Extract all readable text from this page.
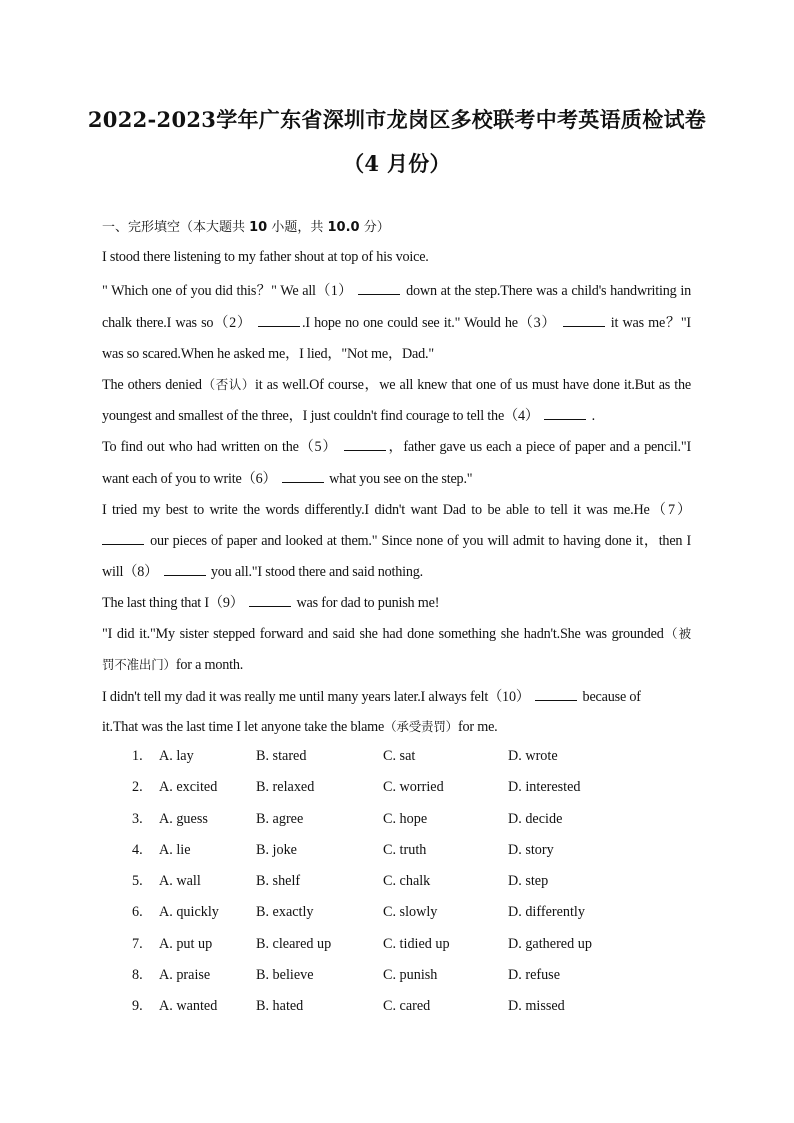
2022-2023学年广东省深圳市龙岗区多校联考中考英语质检试卷
（4 月份）
一、完形填空（本大题共 10 小题，共 10.0 分）
I stood there listening to my father shout at top of his voice.
" Which one of you did this？" We all（1）	down at the step.There was a child's handwriting in
chalk there.I was so（2）	.I hope no one could see it." Would he（3）	it was me？"I
was so scared.When he asked me，I lied，"Not me，Dad."
The others denied（否认）it as well.Of course，we all knew that one of us must have done it.But as the
youngest and smallest of the three，I just couldn't find courage to tell the（4）	.
To find out who had written on the（5）	，father gave us each a piece of paper and a pencil."I
want each of you to write（6）	what you see on the step."
I tried my best to write the words differently.I didn't want Dad to be able to tell it was me.He（7）
our pieces of paper and looked at them." Since none of you will admit to having done it，then I
will（8）	you all."I stood there and said nothing.
The last thing that I（9）	was for dad to punish me!
"I did it."My sister stepped forward and said she had done something she hadn't.She was grounded（被
罚不准出门）for a month.
I didn't tell my dad it was really me until many years later.I always felt（10）	because of
it.That was the last time I let anyone take the blame（承受责罚）for me.
1. A. lay	B. stared	C. sat	D. wrote
2. A. excited	B. relaxed	C. worried	D. interested
3. A. guess	B. agree	C. hope	D. decide
4. A. lie	B. joke	C. truth	D. story
5. A. wall	B. shelf	C. chalk	D. step
6. A. quickly	B. exactly	C. slowly	D. differently
7. A. put up	B. cleared up	C. tidied up	D. gathered up
8. A. praise	B. believe	C. punish	D. refuse
9. A. wanted	B. hated	C. cared	D. missed
